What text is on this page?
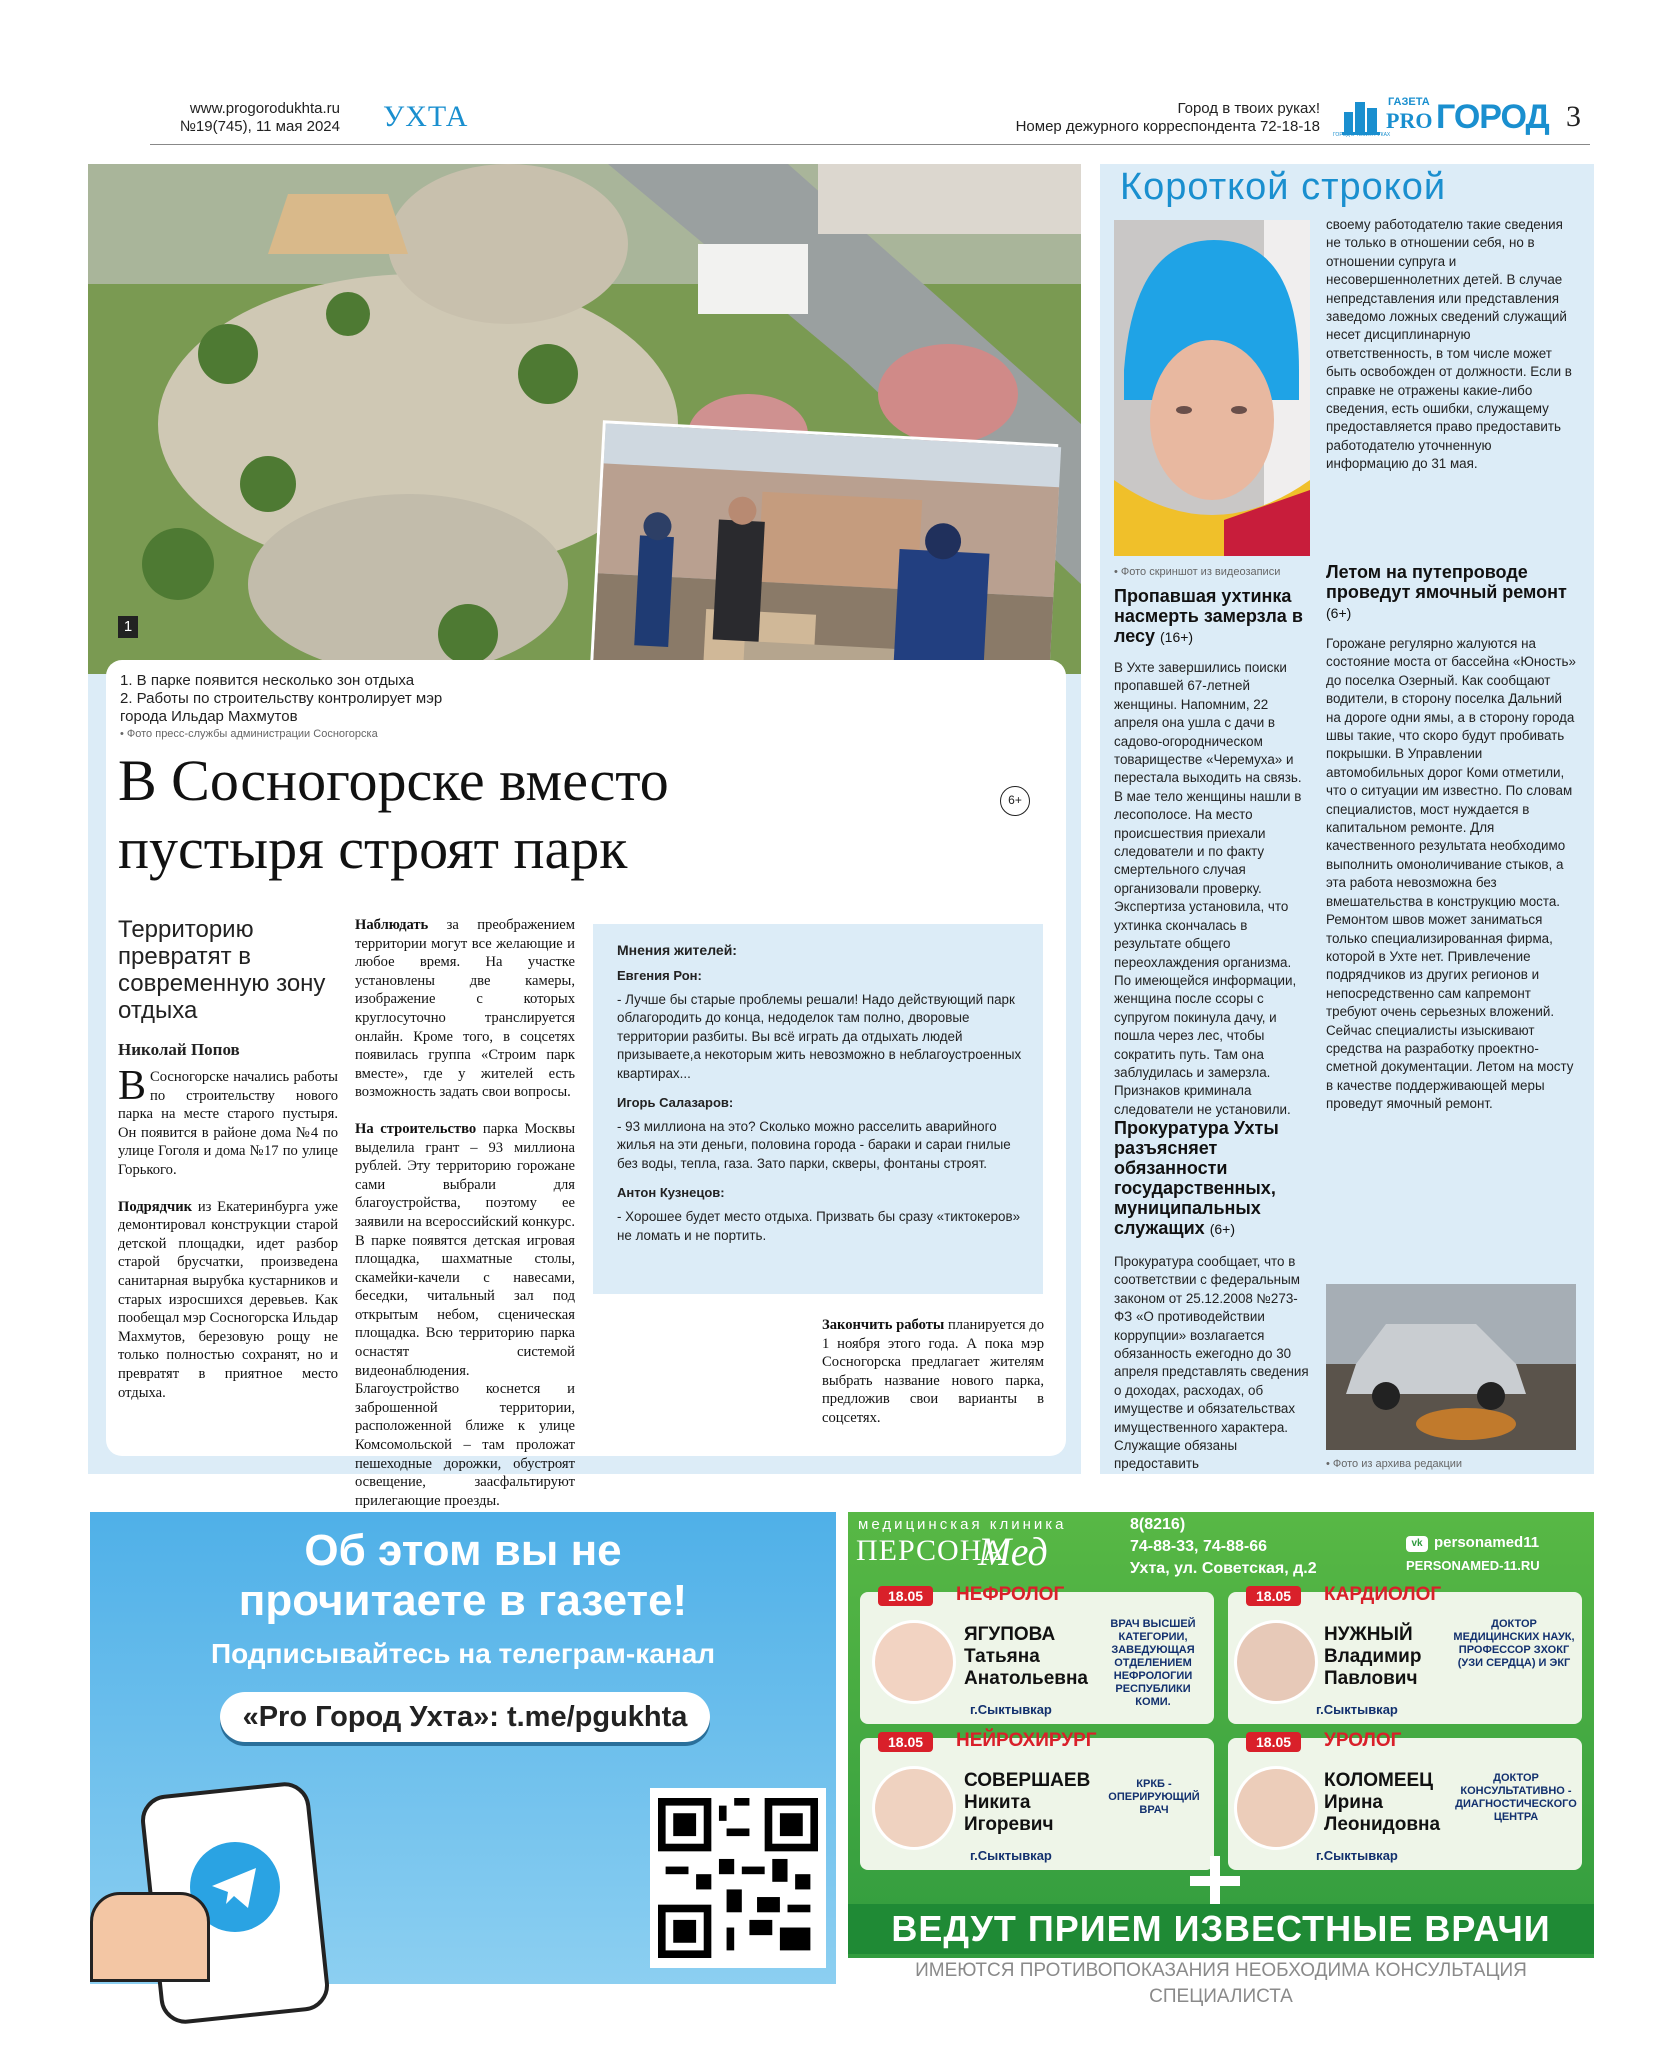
www.progorodukhta.ru
№19(745), 11 мая 2024 УХТА	Город в твоих руках!
Номер дежурного корреспондента 72-18-18
ГАЗЕТА
PRO ГОРОД
ГОРОД В ТВОИХ РУКАХ
3
1
1. В парке появится несколько зон отдыха
2. Работы по строительству контролирует мэр
города Ильдар Махмутов
• Фото пресс-службы администрации Сосногорска
В Сосногорске вместо
пустыря строят парк
6+
Территорию превратят в современную зону отдыха
Николай Попов

В Сосногорске начались работы по строительству нового парка на месте старого пустыря. Он появится в районе дома №4 по улице Гоголя и дома №17 по улице Горького.

Подрядчик из Екатеринбурга уже демонтировал конструкции старой детской площадки, идет разбор старой брусчатки, произведена санитарная вырубка кустарников и старых изросшихся деревьев. Как пообещал мэр Сосногорска Ильдар Махмутов, березовую рощу не только полностью сохранят, но и превратят в приятное место отдыха.

Наблюдать за преображением территории могут все желающие и любое время. На участке установлены две камеры, изображение с которых круглосуточно транслируется онлайн. Кроме того, в соцсетях появилась группа «Строим парк вместе», где у жителей есть возможность задать свои вопросы.

На строительство парка Москвы выделила грант – 93 миллиона рублей. Эту территорию горожане сами выбрали для благоустройства, поэтому ее заявили на всероссийский конкурс. В парке появятся детская игровая площадка, шахматные столы, скамейки-качели с навесами, беседки, читальный зал под открытым небом, сценическая площадка. Всю территорию парка оснастят системой видеонаблюдения. Благоустройство коснется и заброшенной территории, расположенной ближе к улице Комсомольской – там проложат пешеходные дорожки, обустроят освещение, заасфальтируют прилегающие проезды.

Мнения жителей:
Евгения Рон:
- Лучше бы старые проблемы решали! Надо действующий парк облагородить до конца, недоделок там полно, дворовые территории разбиты. Вы всё играть да отдыхать людей призываете,а некоторым жить невозможно в неблагоустроенных квартирах...
Игорь Салазаров:
- 93 миллиона на это? Сколько можно расселить аварийного жилья на эти деньги, половина города - бараки и сараи гнилые без воды, тепла, газа. Зато парки, скверы, фонтаны строят.
Антон Кузнецов:
- Хорошее будет место отдыха. Призвать бы сразу «тиктокеров» не ломать и не портить.

Закончить работы планируется до 1 ноября этого года. А пока мэр Сосногорска предлагает жителям выбрать название нового парка, предложив свои варианты в соцсетях.

Короткой строкой
• Фото скриншот из видеозаписи
Пропавшая ухтинка насмерть замерзла в лесу (16+)
В Ухте завершились поиски пропавшей 67-летней женщины. Напомним, 22 апреля она ушла с дачи в садово-огородническом товариществе «Черемуха» и перестала выходить на связь. В мае тело женщины нашли в лесополосе. На место происшествия приехали следователи и по факту смертельного случая организовали проверку. Экспертиза установила, что ухтинка скончалась в результате общего переохлаждения организма. По имеющейся информации, женщина после ссоры с супругом покинула дачу, и пошла через лес, чтобы сократить путь. Там она заблудилась и замерзла. Признаков криминала следователи не установили.
Прокуратура Ухты разъясняет обязанности государственных, муниципальных служащих (6+)
Прокуратура сообщает, что в соответствии с федеральным законом от 25.12.2008 №273-ФЗ «О противодействии коррупции» возлагается обязанность ежегодно до 30 апреля представлять сведения о доходах, расходах, об имуществе и обязательствах имущественного характера. Служащие обязаны предоставить
своему работодателю такие сведения не только в отношении себя, но в отношении супруга и несовершеннолетних детей. В случае непредставления или представления заведомо ложных сведений служащий несет дисциплинарную ответственность, в том числе может быть освобожден от должности. Если в справке не отражены какие-либо сведения, есть ошибки, служащему предоставляется право предоставить работодателю уточненную информацию до 31 мая.
Летом на путепроводе проведут ямочный ремонт (6+)
Горожане регулярно жалуются на состояние моста от бассейна «Юность» до поселка Озерный. Как сообщают водители, в сторону поселка Дальний на дороге одни ямы, а в сторону города швы такие, что скоро будут пробивать покрышки. В Управлении автомобильных дорог Коми отметили, что о ситуации им известно. По словам специалистов, мост нуждается в капитальном ремонте. Для качественного результата необходимо выполнить омоноличивание стыков, а эта работа невозможна без вмешательства в конструкцию моста. Ремонтом швов может заниматься только специализированная фирма, которой в Ухте нет. Привлечение подрядчиков из других регионов и непосредственно сам капремонт требуют очень серьезных вложений. Сейчас специалисты изыскивают средства на разработку проектно-сметной документации. Летом на мосту в качестве поддерживающей меры проведут ямочный ремонт.
• Фото из архива редакции
Об этом вы не
прочитаете в газете!
Подписывайтесь на телеграм-канал
«Pro Город Ухта»: t.me/pgukhta
медицинская клиника
ПЕРСОНА
Мед
8(8216)
74-88-33, 74-88-66
Ухта, ул. Советская, д.2
vk personamed11
PERSONAMED-11.RU
18.05	НЕФРОЛОГ
ЯГУПОВА
Татьяна
Анатольевна
ВРАЧ ВЫСШЕЙ КАТЕГОРИИ, ЗАВЕДУЮЩАЯ ОТДЕЛЕНИЕМ НЕФРОЛОГИИ РЕСПУБЛИКИ КОМИ.
г.Сыктывкар
18.05	КАРДИОЛОГ
НУЖНЫЙ
Владимир
Павлович
ДОКТОР МЕДИЦИНСКИХ НАУК, ПРОФЕССОР ЗХОКГ (УЗИ СЕРДЦА) И ЭКГ
г.Сыктывкар
18.05	НЕЙРОХИРУРГ
СОВЕРШАЕВ
Никита
Игоревич
КРКБ - ОПЕРИРУЮЩИЙ ВРАЧ
г.Сыктывкар
18.05	УРОЛОГ
КОЛОМЕЕЦ
Ирина
Леонидовна
ДОКТОР КОНСУЛЬТАТИВНО - ДИАГНОСТИЧЕСКОГО ЦЕНТРА
г.Сыктывкар
ВЕДУТ ПРИЕМ ИЗВЕСТНЫЕ ВРАЧИ
ИМЕЮТСЯ ПРОТИВОПОКАЗАНИЯ НЕОБХОДИМА КОНСУЛЬТАЦИЯ СПЕЦИАЛИСТА
